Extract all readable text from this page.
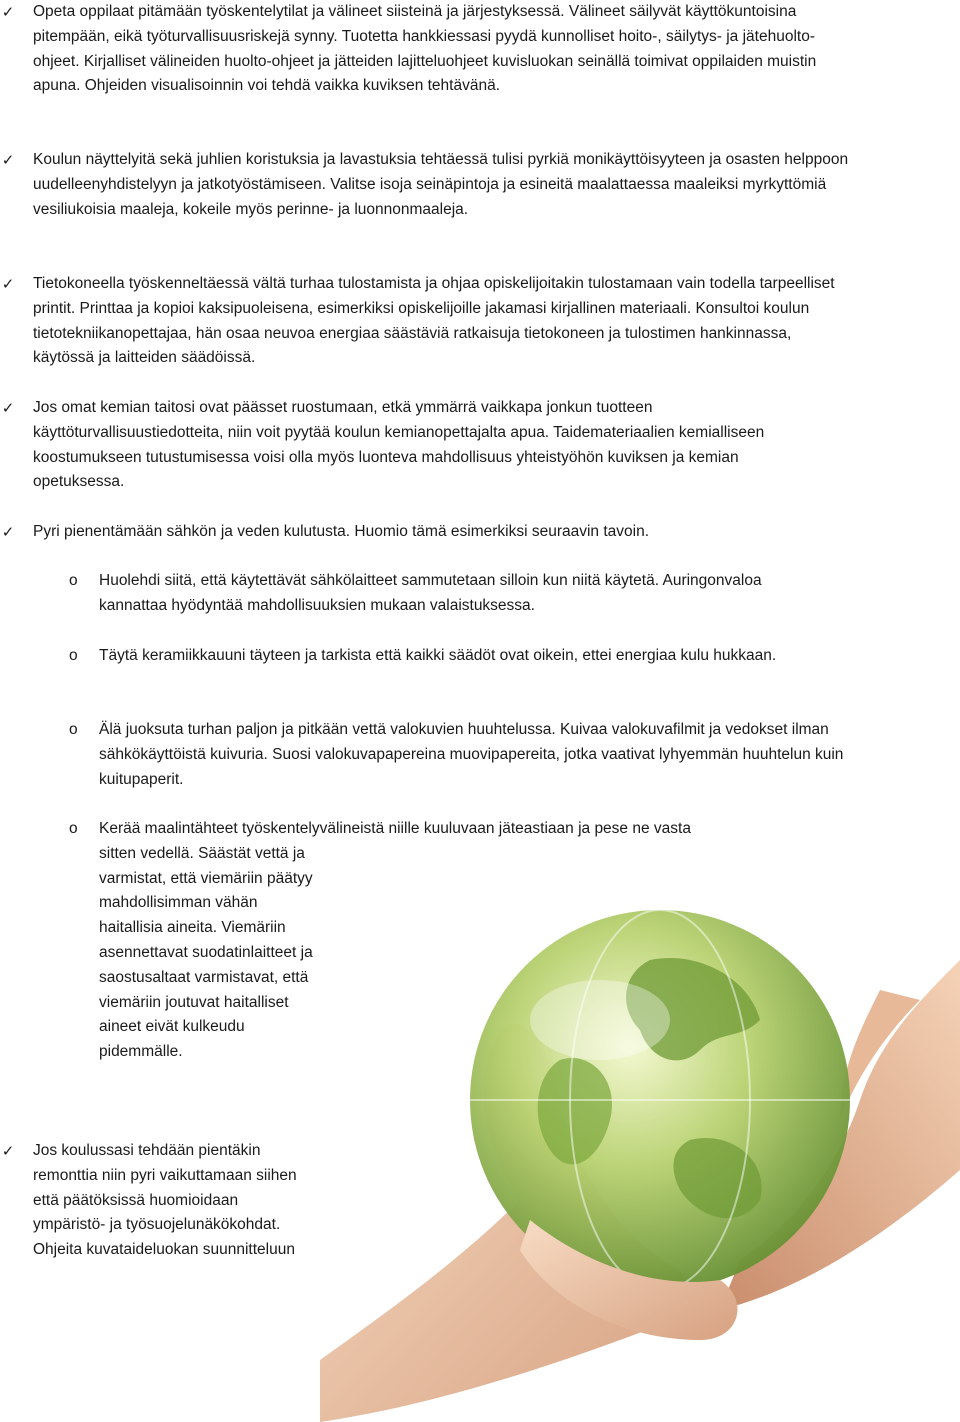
✓ Opeta oppilaat pitämään työskentelytilat ja välineet siisteinä ja järjestyksessä. Välineet säilyvät käyttökuntoisina pitempään, eikä työturvallisuusriskejä synny. Tuotetta hankkiessasi pyydä kunnolliset hoito-, säilytys- ja jätehuolto-ohjeet. Kirjalliset välineiden huolto-ohjeet ja jätteiden lajitteluohjeet kuvisluokan seinällä toimivat oppilaiden muistin apuna. Ohjeiden visualisoinnin voi tehdä vaikka kuviksen tehtävänä.
✓ Koulun näyttelyitä sekä juhlien koristuksia ja lavastuksia tehtäessä tulisi pyrkiä monikäyttöisyyteen ja osasten helppoon uudelleenyhdistelyyn ja jatkotyöstämiseen. Valitse isoja seinäpintoja ja esineitä maalattaessa maaleiksi myrkyttömiä vesiliukoisia maaleja, kokeile myös perinne- ja luonnonmaaleja.
✓ Tietokoneella työskenneltäessä vältä turhaa tulostamista ja ohjaa opiskelijoitakin tulostamaan vain todella tarpeelliset printit. Printtaa ja kopioi kaksipuoleisena, esimerkiksi opiskelijoille jakamasi kirjallinen materiaali. Konsultoi koulun tietotekniikanopettajaa, hän osaa neuvoa energiaa säästäviä ratkaisuja tietokoneen ja tulostimen hankinnassa, käytössä ja laitteiden säädöissä.
✓ Jos omat kemian taitosi ovat päässet ruostumaan, etkä ymmärrä vaikkapa jonkun tuotteen käyttöturvallisuustiedotteita, niin voit pyytää koulun kemianopettajalta apua. Taidemateriaalien kemialliseen koostumukseen tutustumisessa voisi olla myös luonteva mahdollisuus yhteistyöhön kuviksen ja kemian opetuksessa.
✓ Pyri pienentämään sähkön ja veden kulutusta. Huomio tämä esimerkiksi seuraavin tavoin.
o Huolehdi siitä, että käytettävät sähkölaitteet sammutetaan silloin kun niitä käytetä. Auringonvaloa kannattaa hyödyntää mahdollisuuksien mukaan valaistuksessa.
o Täytä keramiikkauuni täyteen ja tarkista että kaikki säädöt ovat oikein, ettei energiaa kulu hukkaan.
o Älä juoksuta turhan paljon ja pitkään vettä valokuvien huuhtelussa. Kuivaa valokuvafilmit ja vedokset ilman sähkökäyttöistä kuivuria. Suosi valokuvapapereina muovipapereita, jotka vaativat lyhyemmän huuhtelun kuin kuitupaperit.
o Kerää maalintähteet työskentelyvälineistä niille kuuluvaan jäteastiaan ja pese ne vasta
sitten vedellä. Säästät vettä ja varmistat, että viemäriin päätyy mahdollisimman vähän haitallisia aineita. Viemäriin asennettavat suodatinlaitteet ja saostusaltaat varmistavat, että viemäriin joutuvat haitalliset aineet eivät kulkeudu pidemmälle.
✓ Jos koulussasi tehdään pientäkin remonttia niin pyri vaikuttamaan siihen että päätöksissä huomioidaan ympäristö- ja työsuojelunäkökohdat. Ohjeita kuvataideluokan suunnitteluun
